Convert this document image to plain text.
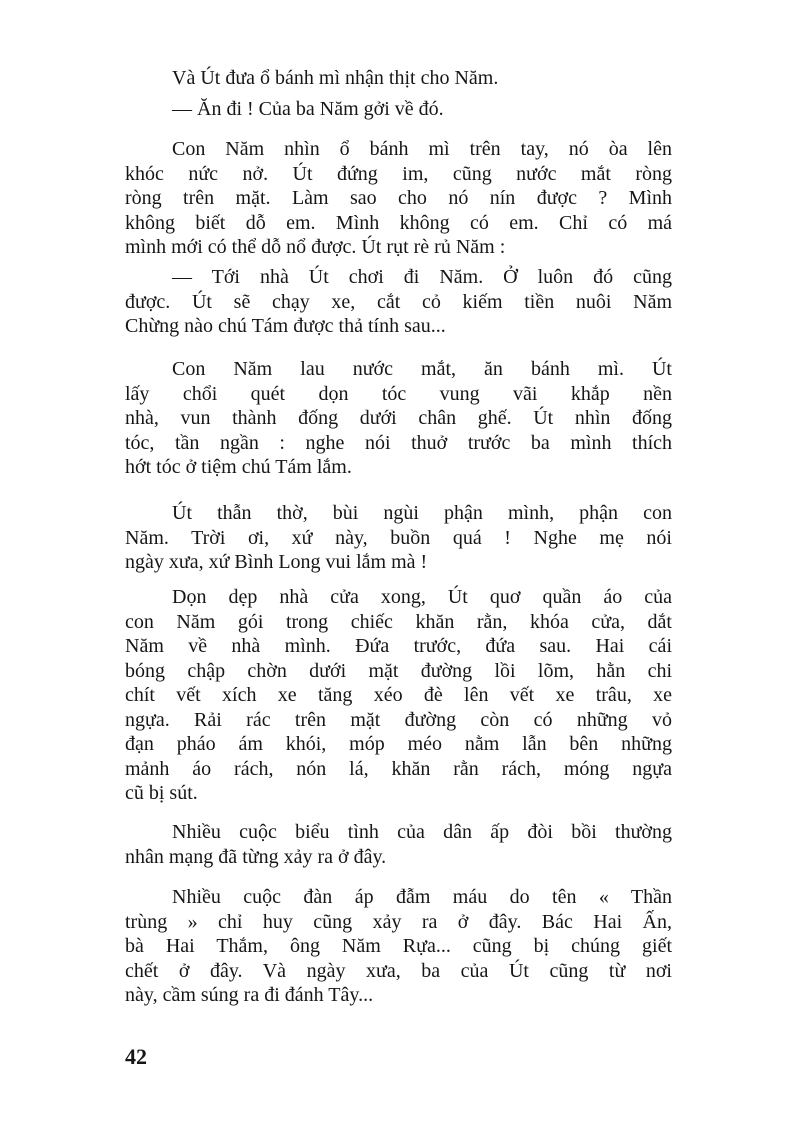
Và Út đưa ổ bánh mì nhận thịt cho Năm.
— Ăn đi ! Của ba Năm gởi về đó.
Con Năm nhìn ổ bánh mì trên tay, nó òa lên
khóc nức nở. Út đứng im, cũng nước mắt ròng
ròng trên mặt. Làm sao cho nó nín được ? Mình
không biết dỗ em. Mình không có em. Chỉ có má
mình mới có thể dỗ nổ được. Út rụt rè rủ Năm :
— Tới nhà Út chơi đi Năm. Ở luôn đó cũng
được. Út sẽ chạy xe, cắt cỏ kiếm tiền nuôi Năm
Chừng nào chú Tám được thả tính sau...
Con Năm lau nước mắt, ăn bánh mì. Út
lấy chổi quét dọn tóc vung vãi khắp nền
nhà, vun thành đống dưới chân ghế. Út nhìn đống
tóc, tần ngần : nghe nói thuở trước ba mình thích
hớt tóc ở tiệm chú Tám lắm.
Út thẫn thờ, bùi ngùi phận mình, phận con
Năm. Trời ơi, xứ này, buồn quá ! Nghe mẹ nói
ngày xưa, xứ Bình Long vui lắm mà !
Dọn dẹp nhà cửa xong, Út quơ quần áo của
con Năm gói trong chiếc khăn rằn, khóa cửa, dắt
Năm về nhà mình. Đứa trước, đứa sau. Hai cái
bóng chập chờn dưới mặt đường lồi lõm, hằn chi
chít vết xích xe tăng xéo đè lên vết xe trâu, xe
ngựa. Rải rác trên mặt đường còn có những vỏ
đạn pháo ám khói, móp méo nằm lẫn bên những
mảnh áo rách, nón lá, khăn rằn rách, móng ngựa
cũ bị sút.
Nhiều cuộc biểu tình của dân ấp đòi bồi thường
nhân mạng đã từng xảy ra ở đây.
Nhiều cuộc đàn áp đẫm máu do tên « Thần
trùng » chỉ huy cũng xảy ra ở đây. Bác Hai Ấn,
bà Hai Thắm, ông Năm Rựa... cũng bị chúng giết
chết ở đây. Và ngày xưa, ba của Út cũng từ nơi
này, cầm súng ra đi đánh Tây...
42
